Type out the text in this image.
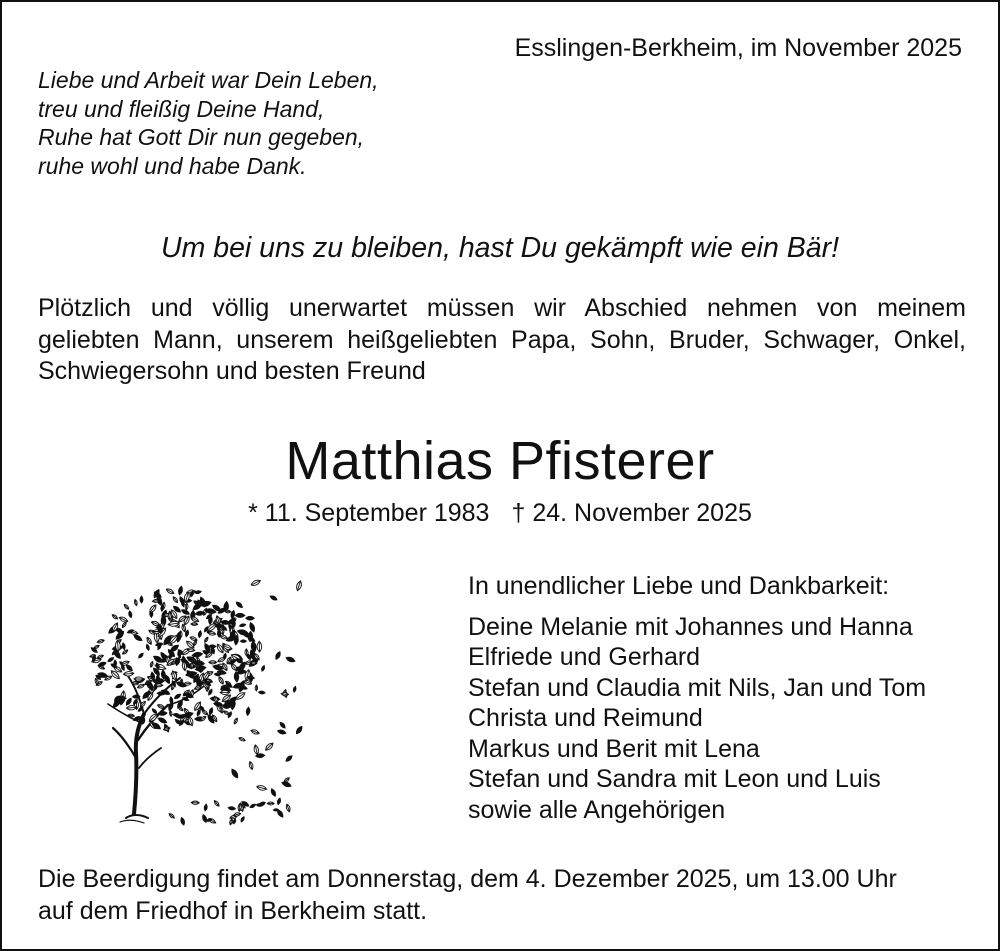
Esslingen-Berkheim, im November 2025

Liebe und Arbeit war Dein Leben,
treu und fleißig Deine Hand,
Ruhe hat Gott Dir nun gegeben,
ruhe wohl und habe Dank.

Um bei uns zu bleiben, hast Du gekämpft wie ein Bär!

Plötzlich und völlig unerwartet müssen wir Abschied nehmen von meinem
geliebten Mann, unserem heißgeliebten Papa, Sohn, Bruder, Schwager, Onkel,
Schwiegersohn und besten Freund
Matthias Pfisterer

* 11. September 1983 † 24. November 2025

In unendlicher Liebe und Dankbarkeit:
Deine Melanie mit Johannes und Hanna
Elfriede und Gerhard
Stefan und Claudia mit Nils, Jan und Tom
Christa und Reimund
Markus und Berit mit Lena
Stefan und Sandra mit Leon und Luis
sowie alle Angehörigen
Die Beerdigung findet am Donnerstag, dem 4. Dezember 2025, um 13.00 Uhr
auf dem Friedhof in Berkheim statt.
